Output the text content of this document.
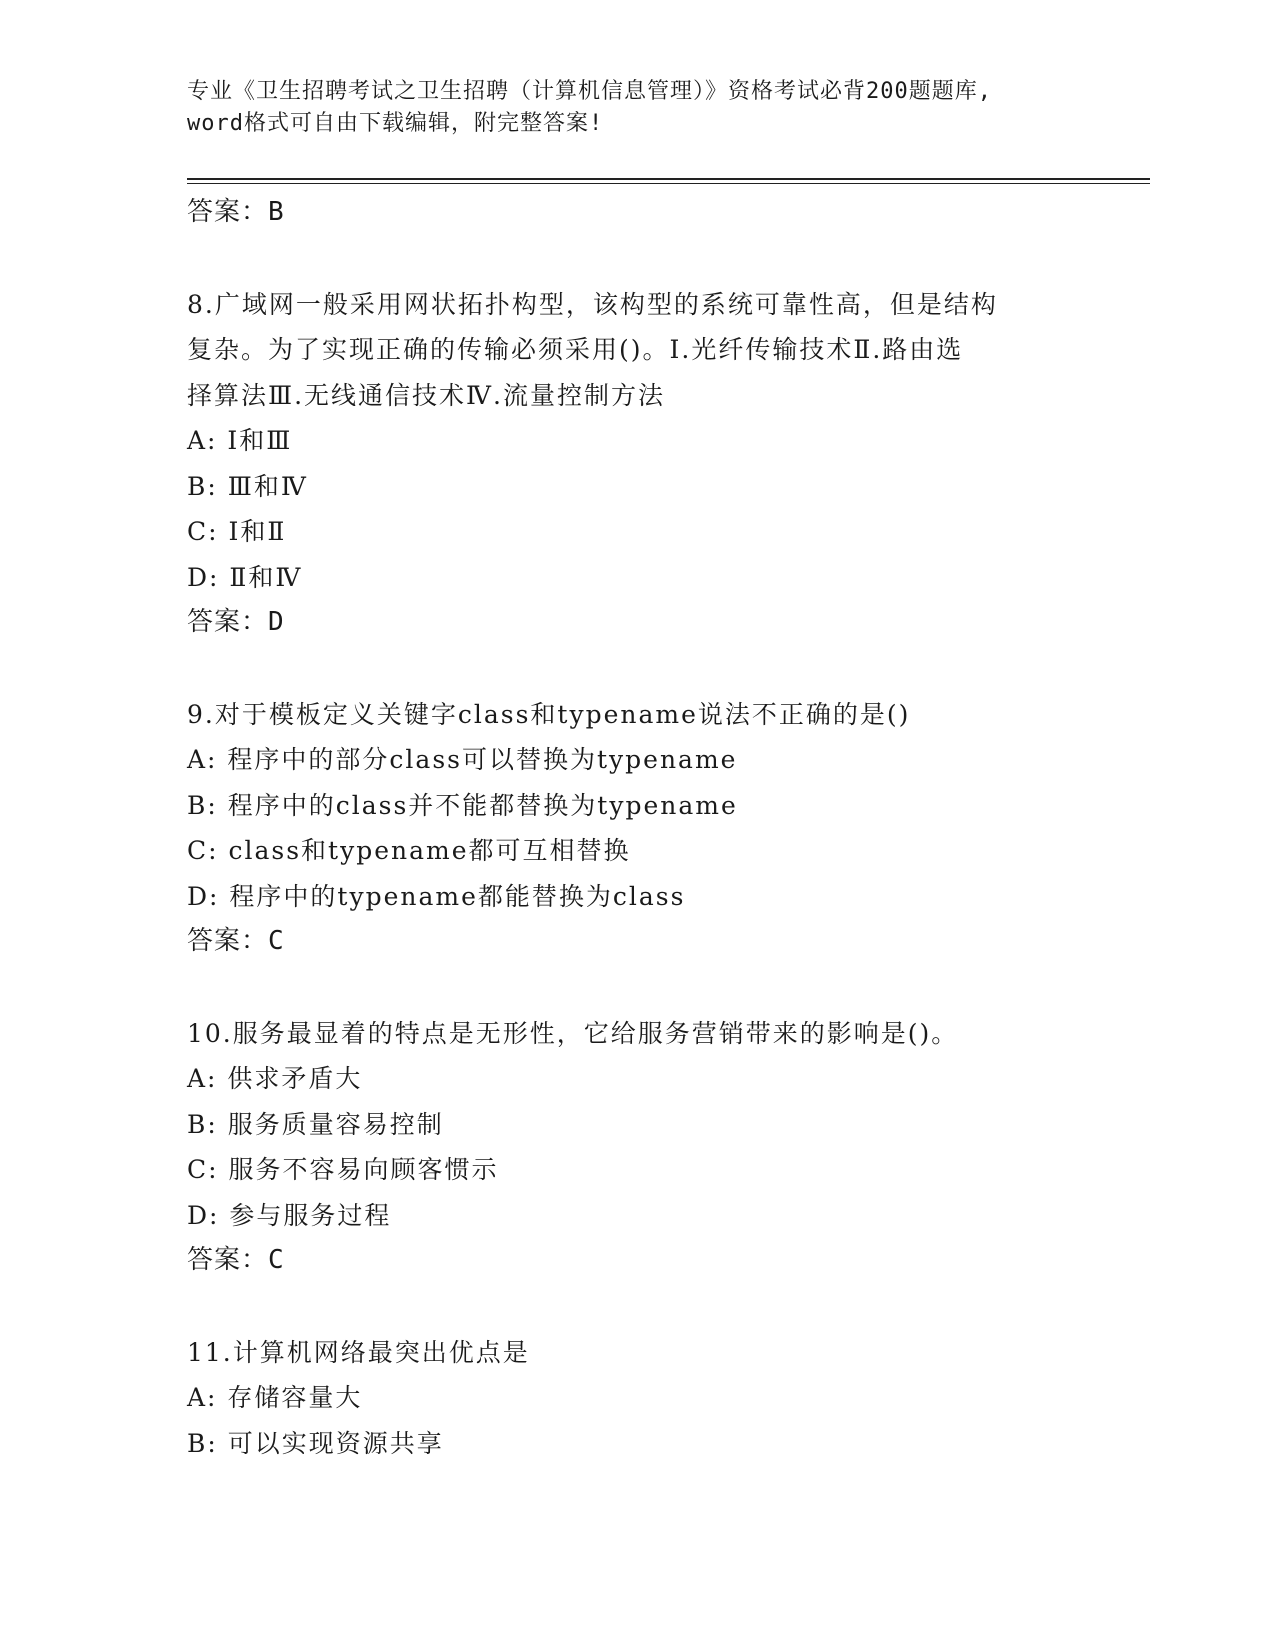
专业《卫生招聘考试之卫生招聘（计算机信息管理）》资格考试必背200题题库,
word格式可自由下载编辑，附完整答案!
答案：B
8.广域网一般采用网状拓扑构型，该构型的系统可靠性高，但是结构
复杂。为了实现正确的传输必须采用()。Ⅰ.光纤传输技术Ⅱ.路由选
择算法Ⅲ.无线通信技术Ⅳ.流量控制方法
A: Ⅰ和Ⅲ
B: Ⅲ和Ⅳ
C: Ⅰ和Ⅱ
D: Ⅱ和Ⅳ
答案：D
9.对于模板定义关键字class和typename说法不正确的是()
A: 程序中的部分class可以替换为typename
B: 程序中的class并不能都替换为typename
C: class和typename都可互相替换
D: 程序中的typename都能替换为class
答案：C
10.服务最显着的特点是无形性，它给服务营销带来的影响是()。
A: 供求矛盾大
B: 服务质量容易控制
C: 服务不容易向顾客惯示
D: 参与服务过程
答案：C
11.计算机网络最突出优点是
A: 存储容量大
B: 可以实现资源共享
